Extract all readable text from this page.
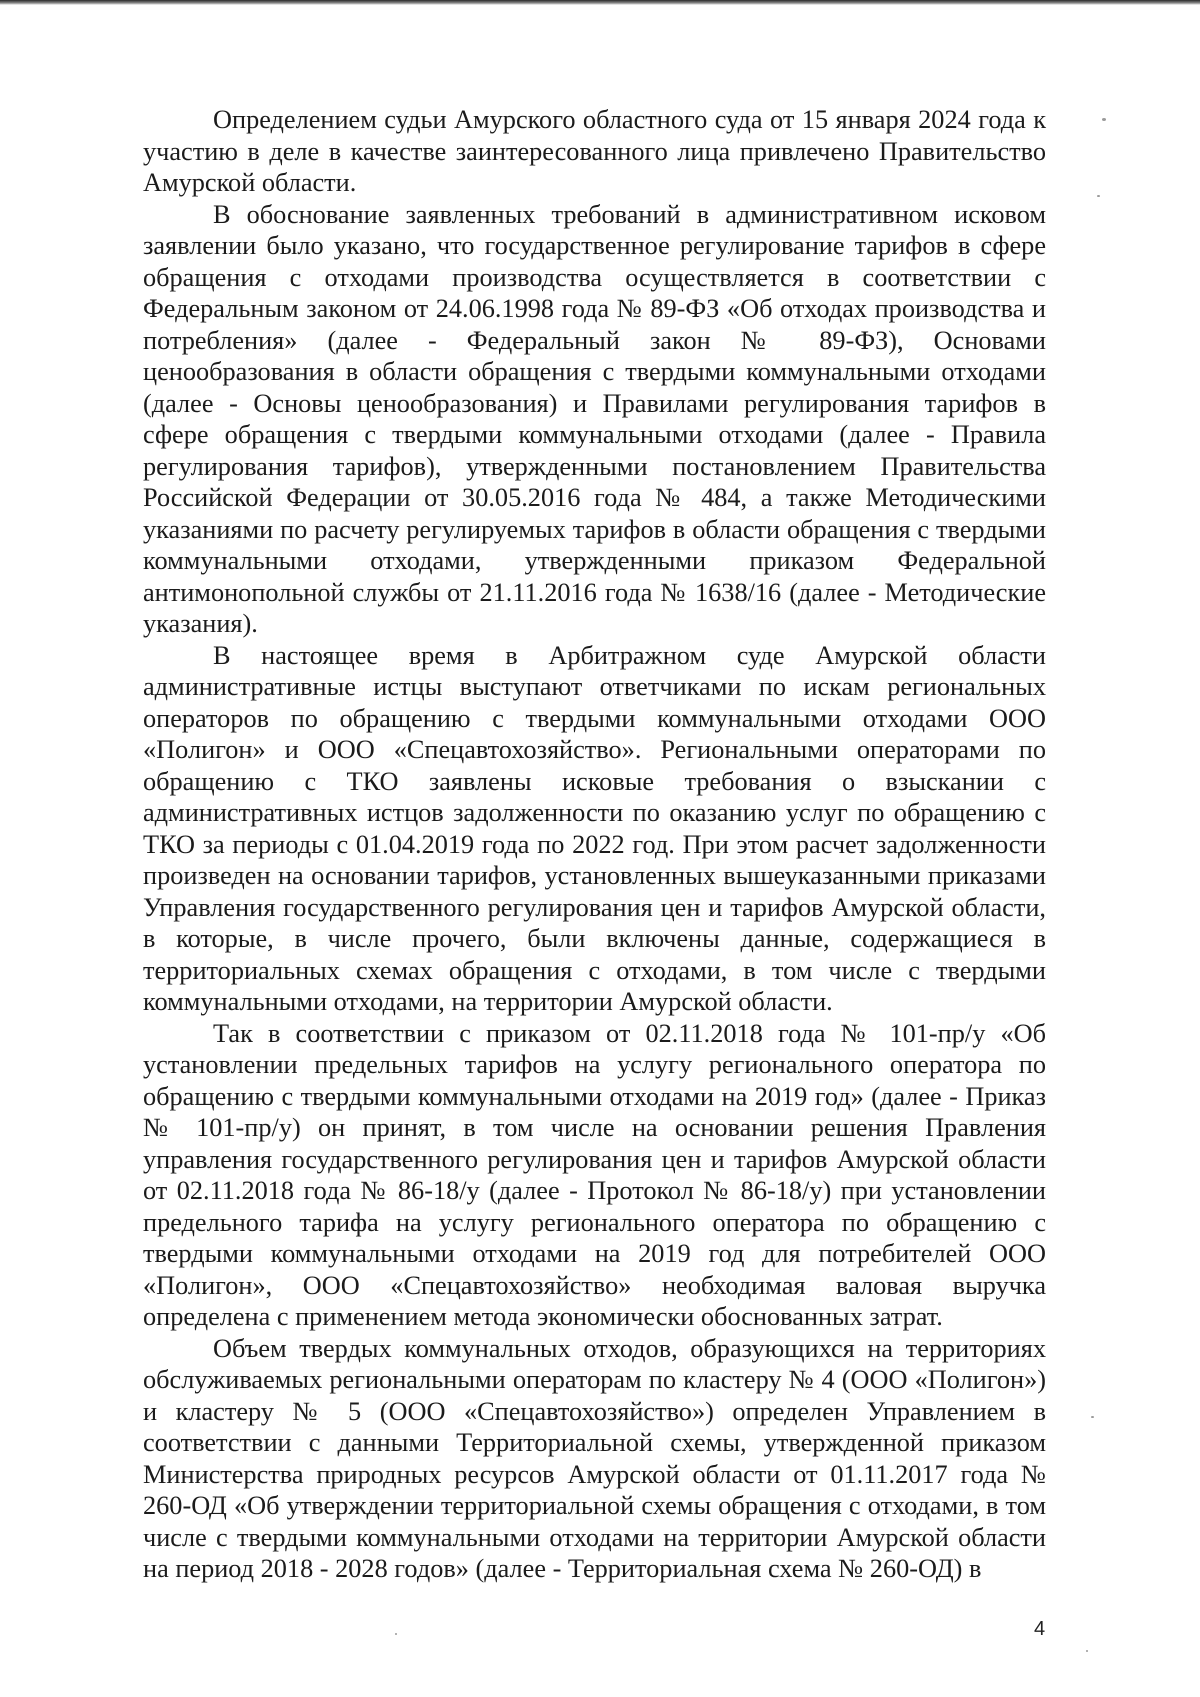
Определением судьи Амурского областного суда от 15 января 2024 года к участию в деле в качестве заинтересованного лица привлечено Правительство Амурской области.

В обоснование заявленных требований в административном исковом заявлении было указано, что государственное регулирование тарифов в сфере обращения с отходами производства осуществляется в соответствии с Федеральным законом от 24.06.1998 года № 89-ФЗ «Об отходах производства и потребления» (далее - Федеральный закон № 89-ФЗ), Основами ценообразования в области обращения с твердыми коммунальными отходами (далее - Основы ценообразования) и Правилами регулирования тарифов в сфере обращения с твердыми коммунальными отходами (далее - Правила регулирования тарифов), утвержденными постановлением Правительства Российской Федерации от 30.05.2016 года № 484, а также Методическими указаниями по расчету регулируемых тарифов в области обращения с твердыми коммунальными отходами, утвержденными приказом Федеральной антимонопольной службы от 21.11.2016 года № 1638/16 (далее - Методические указания).

В настоящее время в Арбитражном суде Амурской области административные истцы выступают ответчиками по искам региональных операторов по обращению с твердыми коммунальными отходами ООО «Полигон» и ООО «Спецавтохозяйство». Региональными операторами по обращению с ТКО заявлены исковые требования о взыскании с административных истцов задолженности по оказанию услуг по обращению с ТКО за периоды с 01.04.2019 года по 2022 год. При этом расчет задолженности произведен на основании тарифов, установленных вышеуказанными приказами Управления государственного регулирования цен и тарифов Амурской области, в которые, в числе прочего, были включены данные, содержащиеся в территориальных схемах обращения с отходами, в том числе с твердыми коммунальными отходами, на территории Амурской области.

Так в соответствии с приказом от 02.11.2018 года № 101-пр/у «Об установлении предельных тарифов на услугу регионального оператора по обращению с твердыми коммунальными отходами на 2019 год» (далее - Приказ № 101-пр/у) он принят, в том числе на основании решения Правления управления государственного регулирования цен и тарифов Амурской области от 02.11.2018 года № 86-18/у (далее - Протокол № 86-18/у) при установлении предельного тарифа на услугу регионального оператора по обращению с твердыми коммунальными отходами на 2019 год для потребителей ООО «Полигон», ООО «Спецавтохозяйство» необходимая валовая выручка определена с применением метода экономически обоснованных затрат.

Объем твердых коммунальных отходов, образующихся на территориях обслуживаемых региональными операторам по кластеру № 4 (ООО «Полигон») и кластеру № 5 (ООО «Спецавтохозяйство») определен Управлением в соответствии с данными Территориальной схемы, утвержденной приказом Министерства природных ресурсов Амурской области от 01.11.2017 года № 260-ОД «Об утверждении территориальной схемы обращения с отходами, в том числе с твердыми коммунальными отходами на территории Амурской области на период 2018 - 2028 годов» (далее - Территориальная схема № 260-ОД) в

4
